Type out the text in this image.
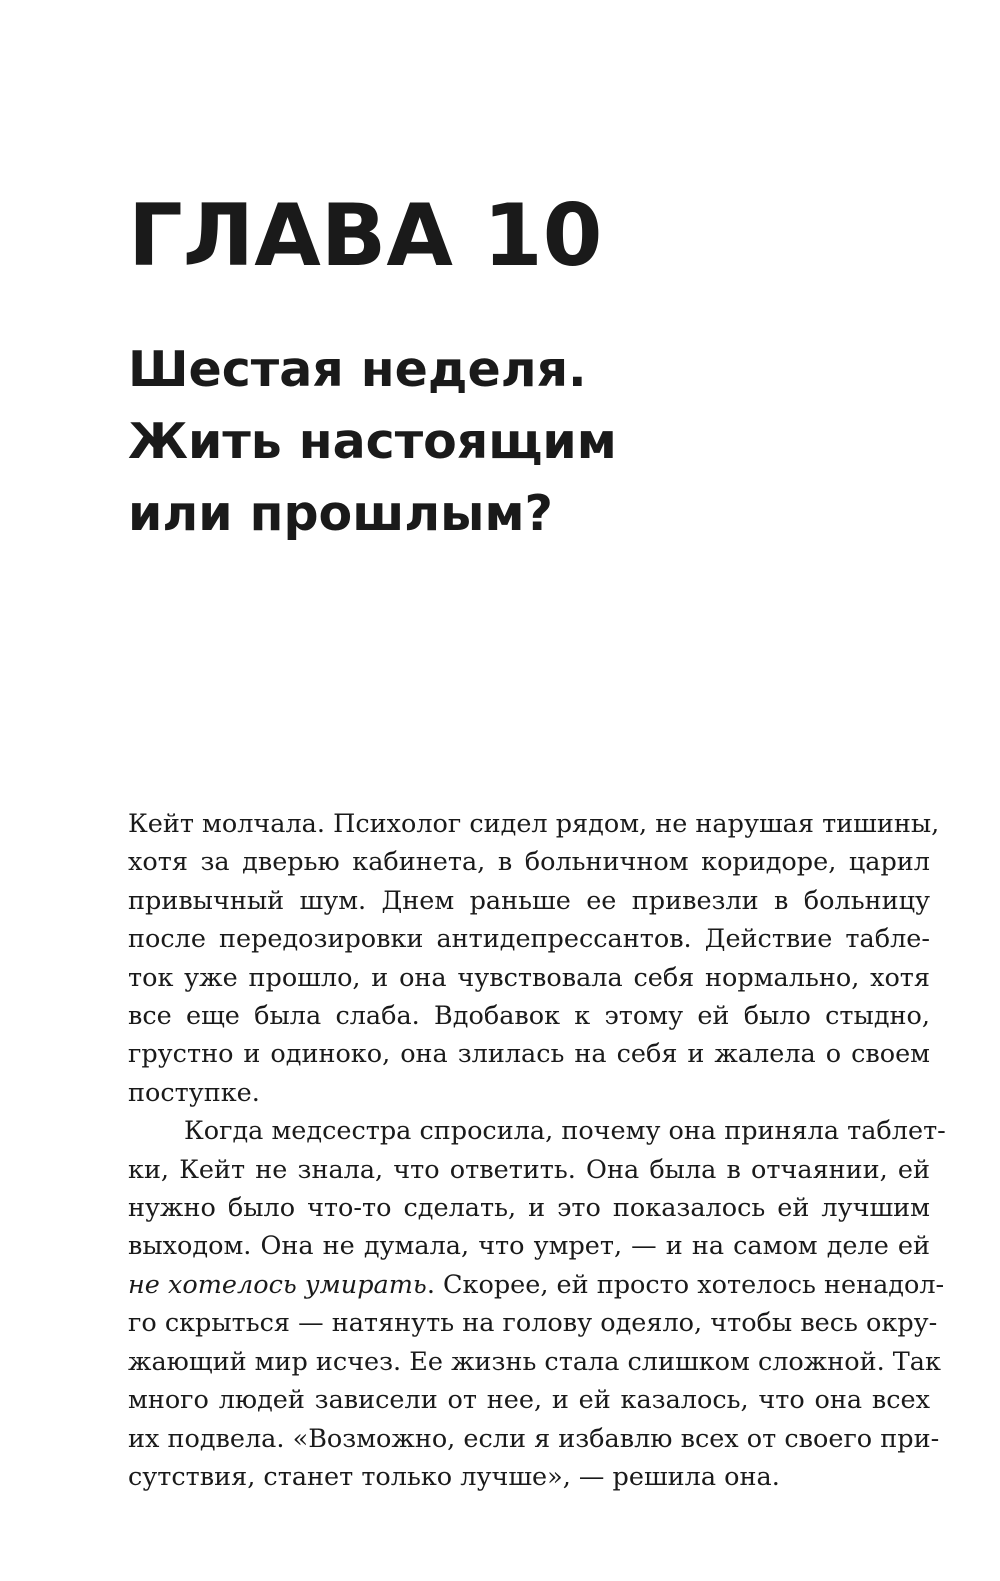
ГЛАВА 10
Шестая неделя.
Жить настоящим
или прошлым?
Кейт молчала. Психолог сидел рядом, не нарушая тишины,
хотя за дверью кабинета, в больничном коридоре, царил
привычный шум. Днем раньше ее привезли в больницу
после передозировки антидепрессантов. Действие табле-
ток уже прошло, и она чувствовала себя нормально, хотя
все еще была слаба. Вдобавок к этому ей было стыдно,
грустно и одиноко, она злилась на себя и жалела о своем
поступке.
Когда медсестра спросила, почему она приняла таблет-
ки, Кейт не знала, что ответить. Она была в отчаянии, ей
нужно было что-то сделать, и это показалось ей лучшим
выходом. Она не думала, что умрет, — и на самом деле ей
не хотелось умирать. Скорее, ей просто хотелось ненадол-
го скрыться — натянуть на голову одеяло, чтобы весь окру-
жающий мир исчез. Ее жизнь стала слишком сложной. Так
много людей зависели от нее, и ей казалось, что она всех
их подвела. «Возможно, если я избавлю всех от своего при-
сутствия, станет только лучше», — решила она.
